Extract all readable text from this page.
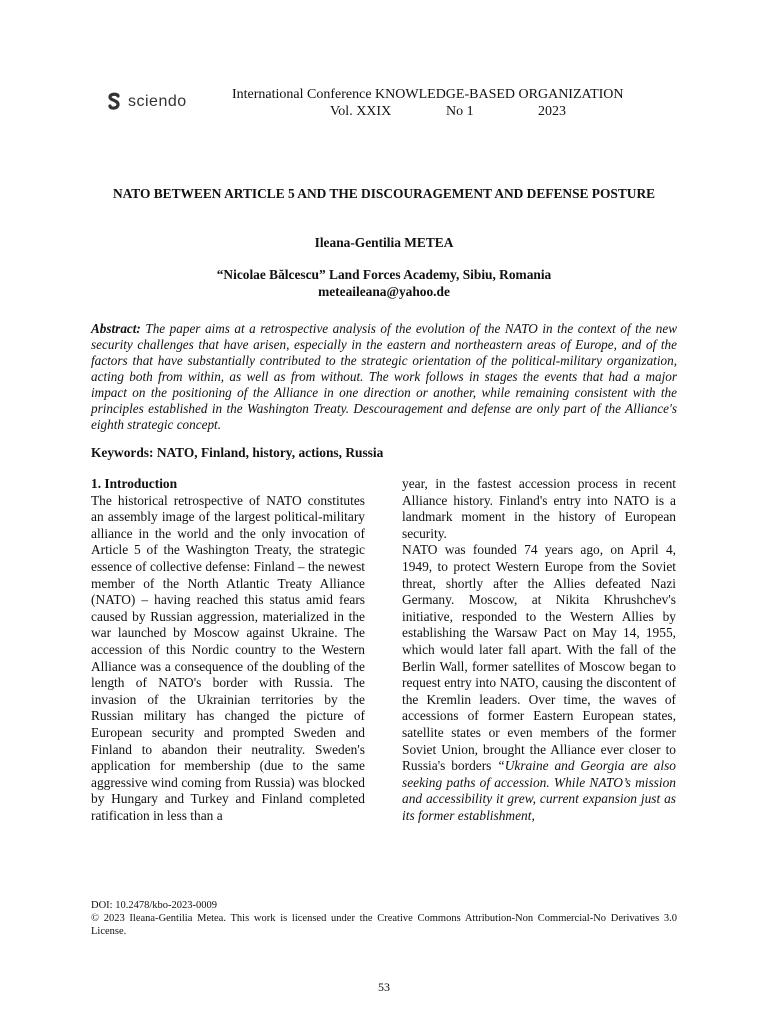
sciendo	International Conference KNOWLEDGE-BASED ORGANIZATION
Vol. XXIX	No 1	2023
NATO BETWEEN ARTICLE 5 AND THE DISCOURAGEMENT AND DEFENSE POSTURE
Ileana-Gentilia METEA
“Nicolae Bălcescu” Land Forces Academy, Sibiu, Romania
meteaileana@yahoo.de

Abstract: The paper aims at a retrospective analysis of the evolution of the NATO in the context of the new security challenges that have arisen, especially in the eastern and northeastern areas of Europe, and of the factors that have substantially contributed to the strategic orientation of the political-military organization, acting both from within, as well as from without. The work follows in stages the events that had a major impact on the positioning of the Alliance in one direction or another, while remaining consistent with the principles established in the Washington Treaty. Descouragement and defense are only part of the Alliance's eighth strategic concept.

Keywords: NATO, Finland, history, actions, Russia
1. Introduction

The historical retrospective of NATO constitutes an assembly image of the largest political-military alliance in the world and the only invocation of Article 5 of the Washington Treaty, the strategic essence of collective defense: Finland – the newest member of the North Atlantic Treaty Alliance (NATO) – having reached this status amid fears caused by Russian aggression, materialized in the war launched by Moscow against Ukraine. The accession of this Nordic country to the Western Alliance was a consequence of the doubling of the length of NATO's border with Russia. The invasion of the Ukrainian territories by the Russian military has changed the picture of European security and prompted Sweden and Finland to abandon their neutrality. Sweden's application for membership (due to the same aggressive wind coming from Russia) was blocked by Hungary and Turkey and Finland completed ratification in less than a

year, in the fastest accession process in recent Alliance history. Finland's entry into NATO is a landmark moment in the history of European security.

NATO was founded 74 years ago, on April 4, 1949, to protect Western Europe from the Soviet threat, shortly after the Allies defeated Nazi Germany. Moscow, at Nikita Khrushchev's initiative, responded to the Western Allies by establishing the Warsaw Pact on May 14, 1955, which would later fall apart. With the fall of the Berlin Wall, former satellites of Moscow began to request entry into NATO, causing the discontent of the Kremlin leaders. Over time, the waves of accessions of former Eastern European states, satellite states or even members of the former Soviet Union, brought the Alliance ever closer to Russia's borders “Ukraine and Georgia are also seeking paths of accession. While NATO’s mission and accessibility it grew, current expansion just as its former establishment,

DOI: 10.2478/kbo-2023-0009

© 2023 Ileana-Gentilia Metea. This work is licensed under the Creative Commons Attribution-Non Commercial-No Derivatives 3.0 License.

53
